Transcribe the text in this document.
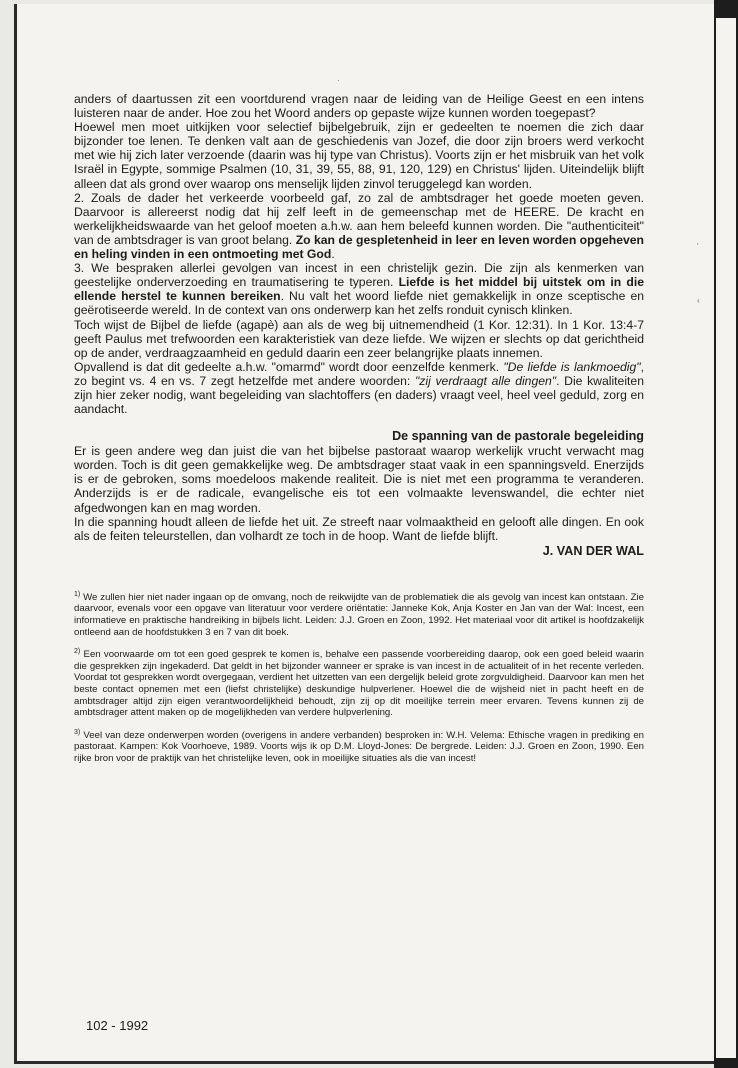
·
'
‹

anders of daartussen zit een voortdurend vragen naar de leiding van de Heilige Geest en een intens luisteren naar de ander. Hoe zou het Woord anders op gepaste wijze kunnen worden toegepast?

Hoewel men moet uitkijken voor selectief bijbelgebruik, zijn er gedeelten te noemen die zich daar bijzonder toe lenen. Te denken valt aan de geschiedenis van Jozef, die door zijn broers werd verkocht met wie hij zich later verzoende (daarin was hij type van Christus). Voorts zijn er het misbruik van het volk Israël in Egypte, sommige Psalmen (10, 31, 39, 55, 88, 91, 120, 129) en Christus' lijden. Uiteindelijk blijft alleen dat als grond over waarop ons menselijk lijden zinvol teruggelegd kan worden.

2. Zoals de dader het verkeerde voorbeeld gaf, zo zal de ambtsdrager het goede moeten geven. Daarvoor is allereerst nodig dat hij zelf leeft in de gemeenschap met de HEERE. De kracht en werkelijkheidswaarde van het geloof moeten a.h.w. aan hem beleefd kunnen worden. Die "authenticiteit" van de ambtsdrager is van groot belang. Zo kan de gespletenheid in leer en leven worden opgeheven en heling vinden in een ontmoeting met God.

3. We bespraken allerlei gevolgen van incest in een christelijk gezin. Die zijn als kenmerken van geestelijke onderverzoeding en traumatisering te typeren. Liefde is het middel bij uitstek om in die ellende herstel te kunnen bereiken. Nu valt het woord liefde niet gemakkelijk in onze sceptische en geërotiseerde wereld. In de context van ons onderwerp kan het zelfs ronduit cynisch klinken.

Toch wijst de Bijbel de liefde (agapè) aan als de weg bij uitnemendheid (1 Kor. 12:31). In 1 Kor. 13:4-7 geeft Paulus met trefwoorden een karakteristiek van deze liefde. We wijzen er slechts op dat gerichtheid op de ander, verdraagzaamheid en geduld daarin een zeer belangrijke plaats innemen.

Opvallend is dat dit gedeelte a.h.w. "omarmd" wordt door eenzelfde kenmerk. "De liefde is lankmoedig", zo begint vs. 4 en vs. 7 zegt hetzelfde met andere woorden: "zij verdraagt alle dingen". Die kwaliteiten zijn hier zeker nodig, want begeleiding van slachtoffers (en daders) vraagt veel, heel veel geduld, zorg en aandacht.

De spanning van de pastorale begeleiding

Er is geen andere weg dan juist die van het bijbelse pastoraat waarop werkelijk vrucht verwacht mag worden. Toch is dit geen gemakkelijke weg. De ambtsdrager staat vaak in een spanningsveld. Enerzijds is er de gebroken, soms moedeloos makende realiteit. Die is niet met een programma te veranderen. Anderzijds is er de radicale, evangelische eis tot een volmaakte levenswandel, die echter niet afgedwongen kan en mag worden.

In die spanning houdt alleen de liefde het uit. Ze streeft naar volmaaktheid en gelooft alle dingen. En ook als de feiten teleurstellen, dan volhardt ze toch in de hoop. Want de liefde blijft.

J. VAN DER WAL

$^{1)}$ We zullen hier niet nader ingaan op de omvang, noch de reikwijdte van de problematiek die als gevolg van incest kan ontstaan. Zie daarvoor, evenals voor een opgave van literatuur voor verdere oriëntatie: Janneke Kok, Anja Koster en Jan van der Wal: Incest, een informatieve en praktische handreiking in bijbels licht. Leiden: J.J. Groen en Zoon, 1992. Het materiaal voor dit artikel is hoofdzakelijk ontleend aan de hoofdstukken 3 en 7 van dit boek.

$^{2)}$ Een voorwaarde om tot een goed gesprek te komen is, behalve een passende voorbereiding daarop, ook een goed beleid waarin die gesprekken zijn ingekaderd. Dat geldt in het bijzonder wanneer er sprake is van incest in de actualiteit of in het recente verleden. Voordat tot gesprekken wordt overgegaan, verdient het uitzetten van een dergelijk beleid grote zorgvuldigheid. Daarvoor kan men het beste contact opnemen met een (liefst christelijke) deskundige hulpverlener. Hoewel die de wijsheid niet in pacht heeft en de ambtsdrager altijd zijn eigen verantwoordelijkheid behoudt, zijn zij op dit moeilijke terrein meer ervaren. Tevens kunnen zij de ambtsdrager attent maken op de mogelijkheden van verdere hulpverlening.

$^{3)}$ Veel van deze onderwerpen worden (overigens in andere verbanden) besproken in: W.H. Velema: Ethische vragen in prediking en pastoraat. Kampen: Kok Voorhoeve, 1989. Voorts wijs ik op D.M. Lloyd-Jones: De bergrede. Leiden: J.J. Groen en Zoon, 1990. Een rijke bron voor de praktijk van het christelijke leven, ook in moeilijke situaties als die van incest!

102 - 1992
